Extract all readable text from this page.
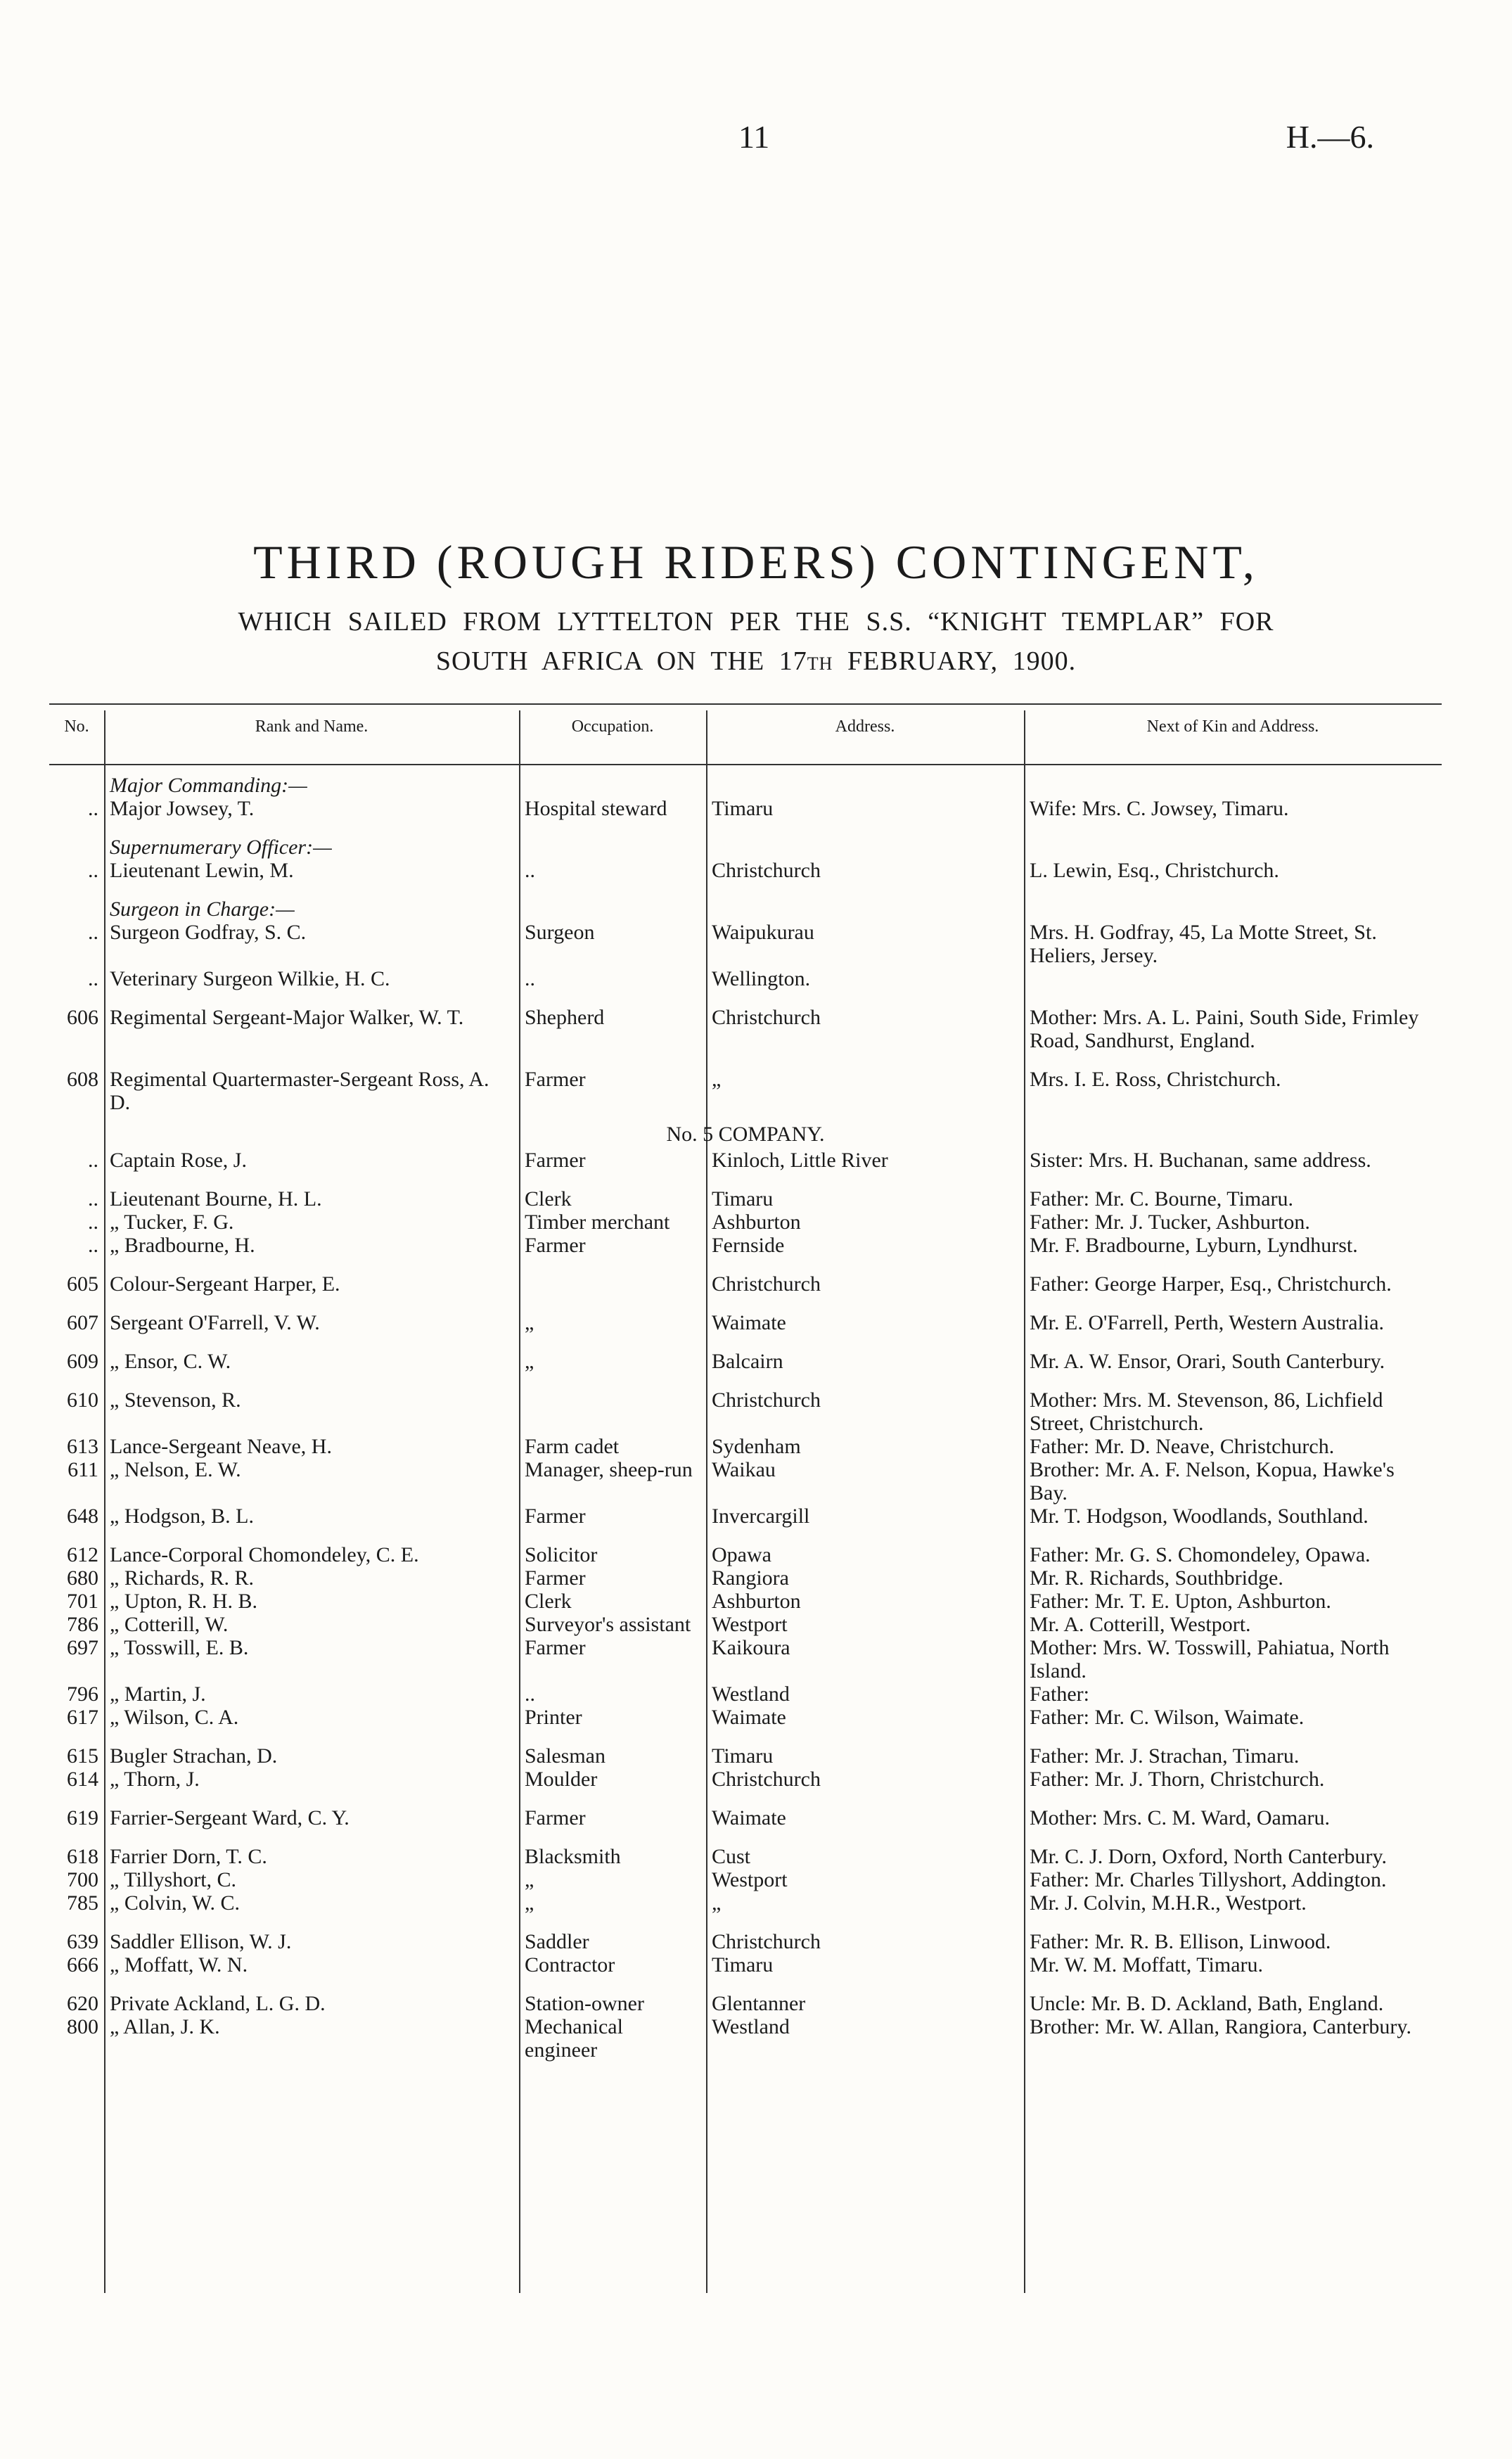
11	H.—6.
THIRD (ROUGH RIDERS) CONTINGENT,
WHICH SAILED FROM LYTTELTON PER THE S.S. “KNIGHT TEMPLAR” FOR
SOUTH AFRICA ON THE 17TH FEBRUARY, 1900.
No.	Rank and Name.	Occupation.	Address.	Next of Kin and Address.
	Major Commanding:—			
..	Major Jowsey, T.	Hospital steward	Timaru	Wife: Mrs. C. Jowsey, Timaru.

	Supernumerary Officer:—			
..	Lieutenant Lewin, M.	..	Christchurch	L. Lewin, Esq., Christchurch.

	Surgeon in Charge:—			
..	Surgeon Godfray, S. C.	Surgeon	Waipukurau	Mrs. H. Godfray, 45, La Motte Street, St. Heliers, Jersey.
..	Veterinary Surgeon Wilkie, H. C.	..	Wellington.	

606	Regimental Sergeant-Major Walker, W. T.	Shepherd	Christchurch	Mother: Mrs. A. L. Paini, South Side, Frimley Road, Sandhurst, England.

608	Regimental Quartermaster-Sergeant Ross, A. D.	Farmer	„	Mrs. I. E. Ross, Christchurch.
No. 5 COMPANY.				
..	Captain Rose, J.	Farmer	Kinloch, Little River	Sister: Mrs. H. Buchanan, same address.

..	Lieutenant Bourne, H. L.	Clerk	Timaru	Father: Mr. C. Bourne, Timaru.
..	„ Tucker, F. G.	Timber merchant	Ashburton	Father: Mr. J. Tucker, Ashburton.
..	„ Bradbourne, H.	Farmer	Fernside	Mr. F. Bradbourne, Lyburn, Lyndhurst.

605	Colour-Sergeant Harper, E.		Christchurch	Father: George Harper, Esq., Christchurch.

607	Sergeant O'Farrell, V. W.	„	Waimate	Mr. E. O'Farrell, Perth, Western Australia.

609	„ Ensor, C. W.	„	Balcairn	Mr. A. W. Ensor, Orari, South Canterbury.

610	„ Stevenson, R.		Christchurch	Mother: Mrs. M. Stevenson, 86, Lichfield Street, Christchurch.
613	Lance-Sergeant Neave, H.	Farm cadet	Sydenham	Father: Mr. D. Neave, Christchurch.
611	„ Nelson, E. W.	Manager, sheep-run	Waikau	Brother: Mr. A. F. Nelson, Kopua, Hawke's Bay.
648	„ Hodgson, B. L.	Farmer	Invercargill	Mr. T. Hodgson, Woodlands, Southland.

612	Lance-Corporal Chomondeley, C. E.	Solicitor	Opawa	Father: Mr. G. S. Chomondeley, Opawa.
680	„ Richards, R. R.	Farmer	Rangiora	Mr. R. Richards, Southbridge.
701	„ Upton, R. H. B.	Clerk	Ashburton	Father: Mr. T. E. Upton, Ashburton.
786	„ Cotterill, W.	Surveyor's assistant	Westport	Mr. A. Cotterill, Westport.
697	„ Tosswill, E. B.	Farmer	Kaikoura	Mother: Mrs. W. Tosswill, Pahiatua, North Island.
796	„ Martin, J.	..	Westland	Father:
617	„ Wilson, C. A.	Printer	Waimate	Father: Mr. C. Wilson, Waimate.

615	Bugler Strachan, D.	Salesman	Timaru	Father: Mr. J. Strachan, Timaru.
614	„ Thorn, J.	Moulder	Christchurch	Father: Mr. J. Thorn, Christchurch.

619	Farrier-Sergeant Ward, C. Y.	Farmer	Waimate	Mother: Mrs. C. M. Ward, Oamaru.

618	Farrier Dorn, T. C.	Blacksmith	Cust	Mr. C. J. Dorn, Oxford, North Canterbury.
700	„ Tillyshort, C.	„	Westport	Father: Mr. Charles Tillyshort, Addington.
785	„ Colvin, W. C.	„	„	Mr. J. Colvin, M.H.R., Westport.

639	Saddler Ellison, W. J.	Saddler	Christchurch	Father: Mr. R. B. Ellison, Linwood.
666	„ Moffatt, W. N.	Contractor	Timaru	Mr. W. M. Moffatt, Timaru.

620	Private Ackland, L. G. D.	Station-owner	Glentanner	Uncle: Mr. B. D. Ackland, Bath, England.
800	„ Allan, J. K.	Mechanical engineer	Westland	Brother: Mr. W. Allan, Rangiora, Canterbury.
